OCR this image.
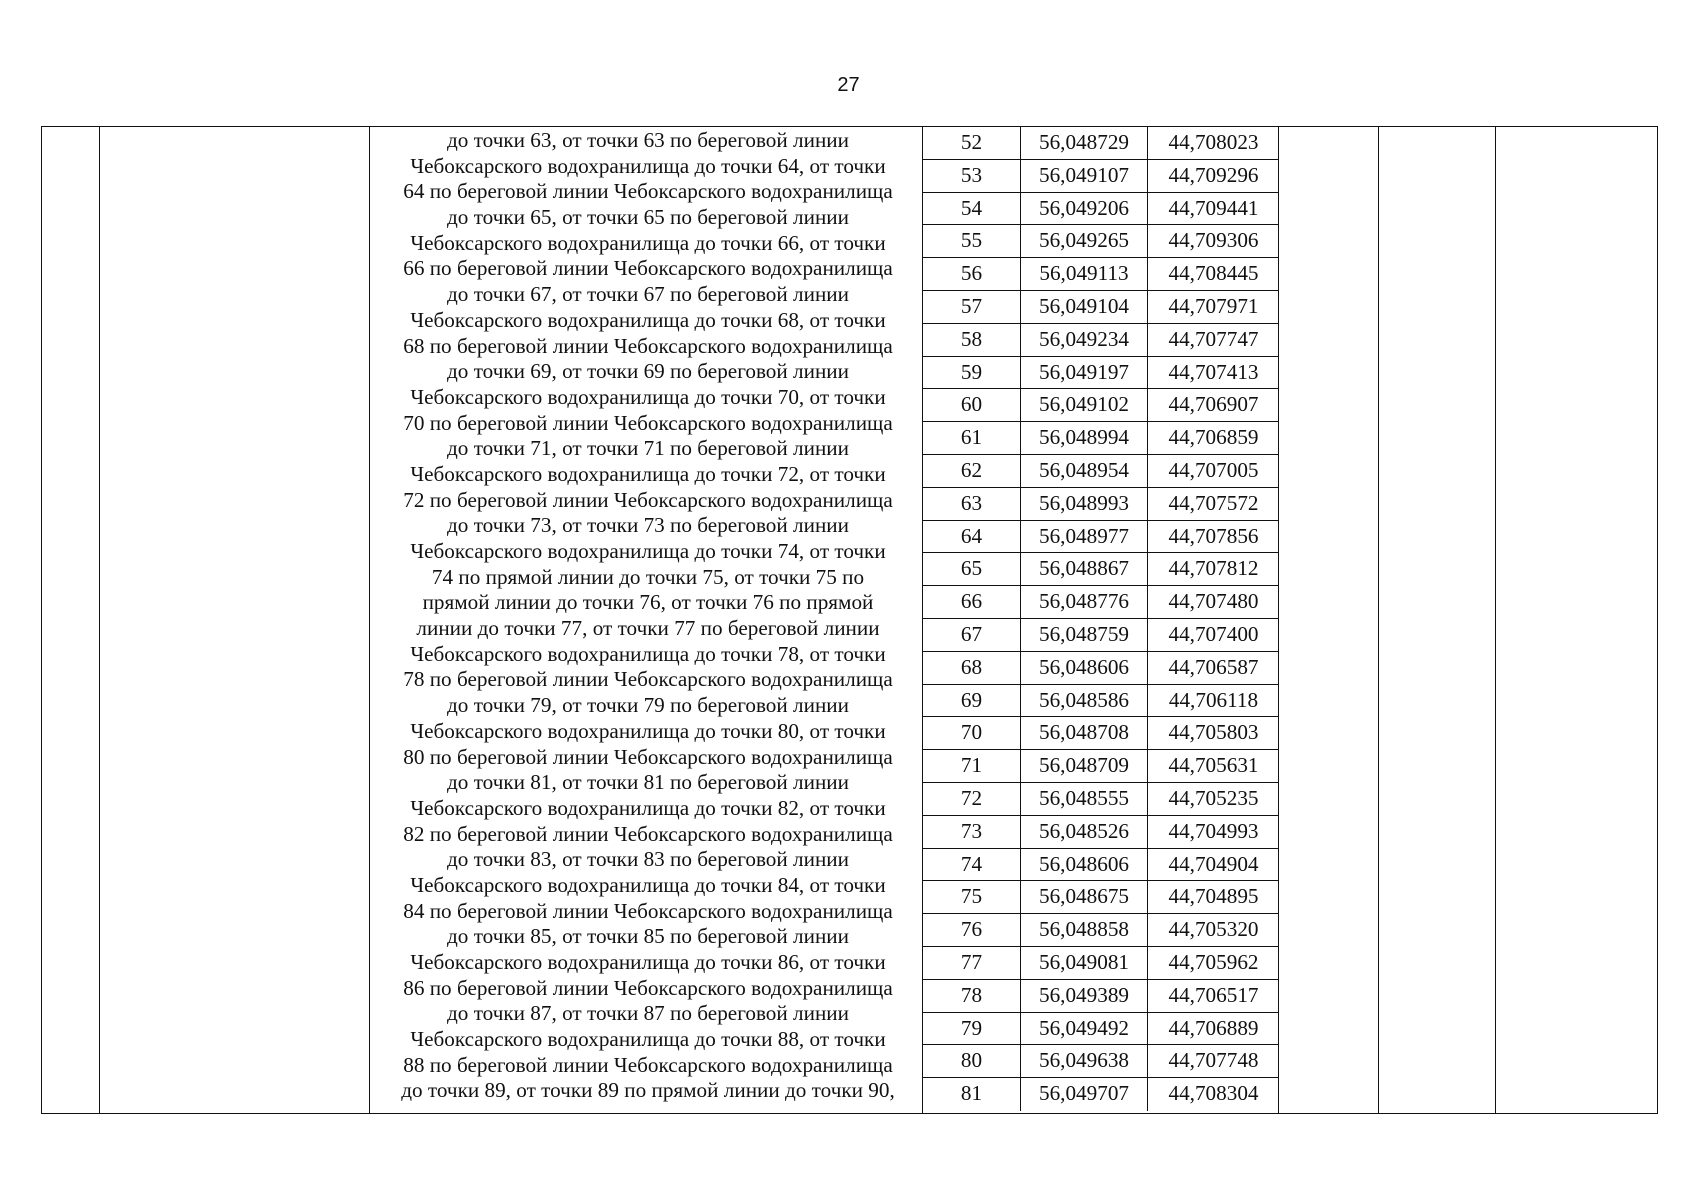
27
до точки 63, от точки 63 по береговой линии
Чебоксарского водохранилища до точки 64, от точки
64 по береговой линии Чебоксарского водохранилища
до точки 65, от точки 65 по береговой линии
Чебоксарского водохранилища до точки 66, от точки
66 по береговой линии Чебоксарского водохранилища
до точки 67, от точки 67 по береговой линии
Чебоксарского водохранилища до точки 68, от точки
68 по береговой линии Чебоксарского водохранилища
до точки 69, от точки 69 по береговой линии
Чебоксарского водохранилища до точки 70, от точки
70 по береговой линии Чебоксарского водохранилища
до точки 71, от точки 71 по береговой линии
Чебоксарского водохранилища до точки 72, от точки
72 по береговой линии Чебоксарского водохранилища
до точки 73, от точки 73 по береговой линии
Чебоксарского водохранилища до точки 74, от точки
74 по прямой линии до точки 75, от точки 75 по
прямой линии до точки 76, от точки 76 по прямой
линии до точки 77, от точки 77 по береговой линии
Чебоксарского водохранилища до точки 78, от точки
78 по береговой линии Чебоксарского водохранилища
до точки 79, от точки 79 по береговой линии
Чебоксарского водохранилища до точки 80, от точки
80 по береговой линии Чебоксарского водохранилища
до точки 81, от точки 81 по береговой линии
Чебоксарского водохранилища до точки 82, от точки
82 по береговой линии Чебоксарского водохранилища
до точки 83, от точки 83 по береговой линии
Чебоксарского водохранилища до точки 84, от точки
84 по береговой линии Чебоксарского водохранилища
до точки 85, от точки 85 по береговой линии
Чебоксарского водохранилища до точки 86, от точки
86 по береговой линии Чебоксарского водохранилища
до точки 87, от точки 87 по береговой линии
Чебоксарского водохранилища до точки 88, от точки
88 по береговой линии Чебоксарского водохранилища
до точки 89, от точки 89 по прямой линии до точки 90,
52	56,048729	44,708023
53	56,049107	44,709296
54	56,049206	44,709441
55	56,049265	44,709306
56	56,049113	44,708445
57	56,049104	44,707971
58	56,049234	44,707747
59	56,049197	44,707413
60	56,049102	44,706907
61	56,048994	44,706859
62	56,048954	44,707005
63	56,048993	44,707572
64	56,048977	44,707856
65	56,048867	44,707812
66	56,048776	44,707480
67	56,048759	44,707400
68	56,048606	44,706587
69	56,048586	44,706118
70	56,048708	44,705803
71	56,048709	44,705631
72	56,048555	44,705235
73	56,048526	44,704993
74	56,048606	44,704904
75	56,048675	44,704895
76	56,048858	44,705320
77	56,049081	44,705962
78	56,049389	44,706517
79	56,049492	44,706889
80	56,049638	44,707748
81	56,049707	44,708304
